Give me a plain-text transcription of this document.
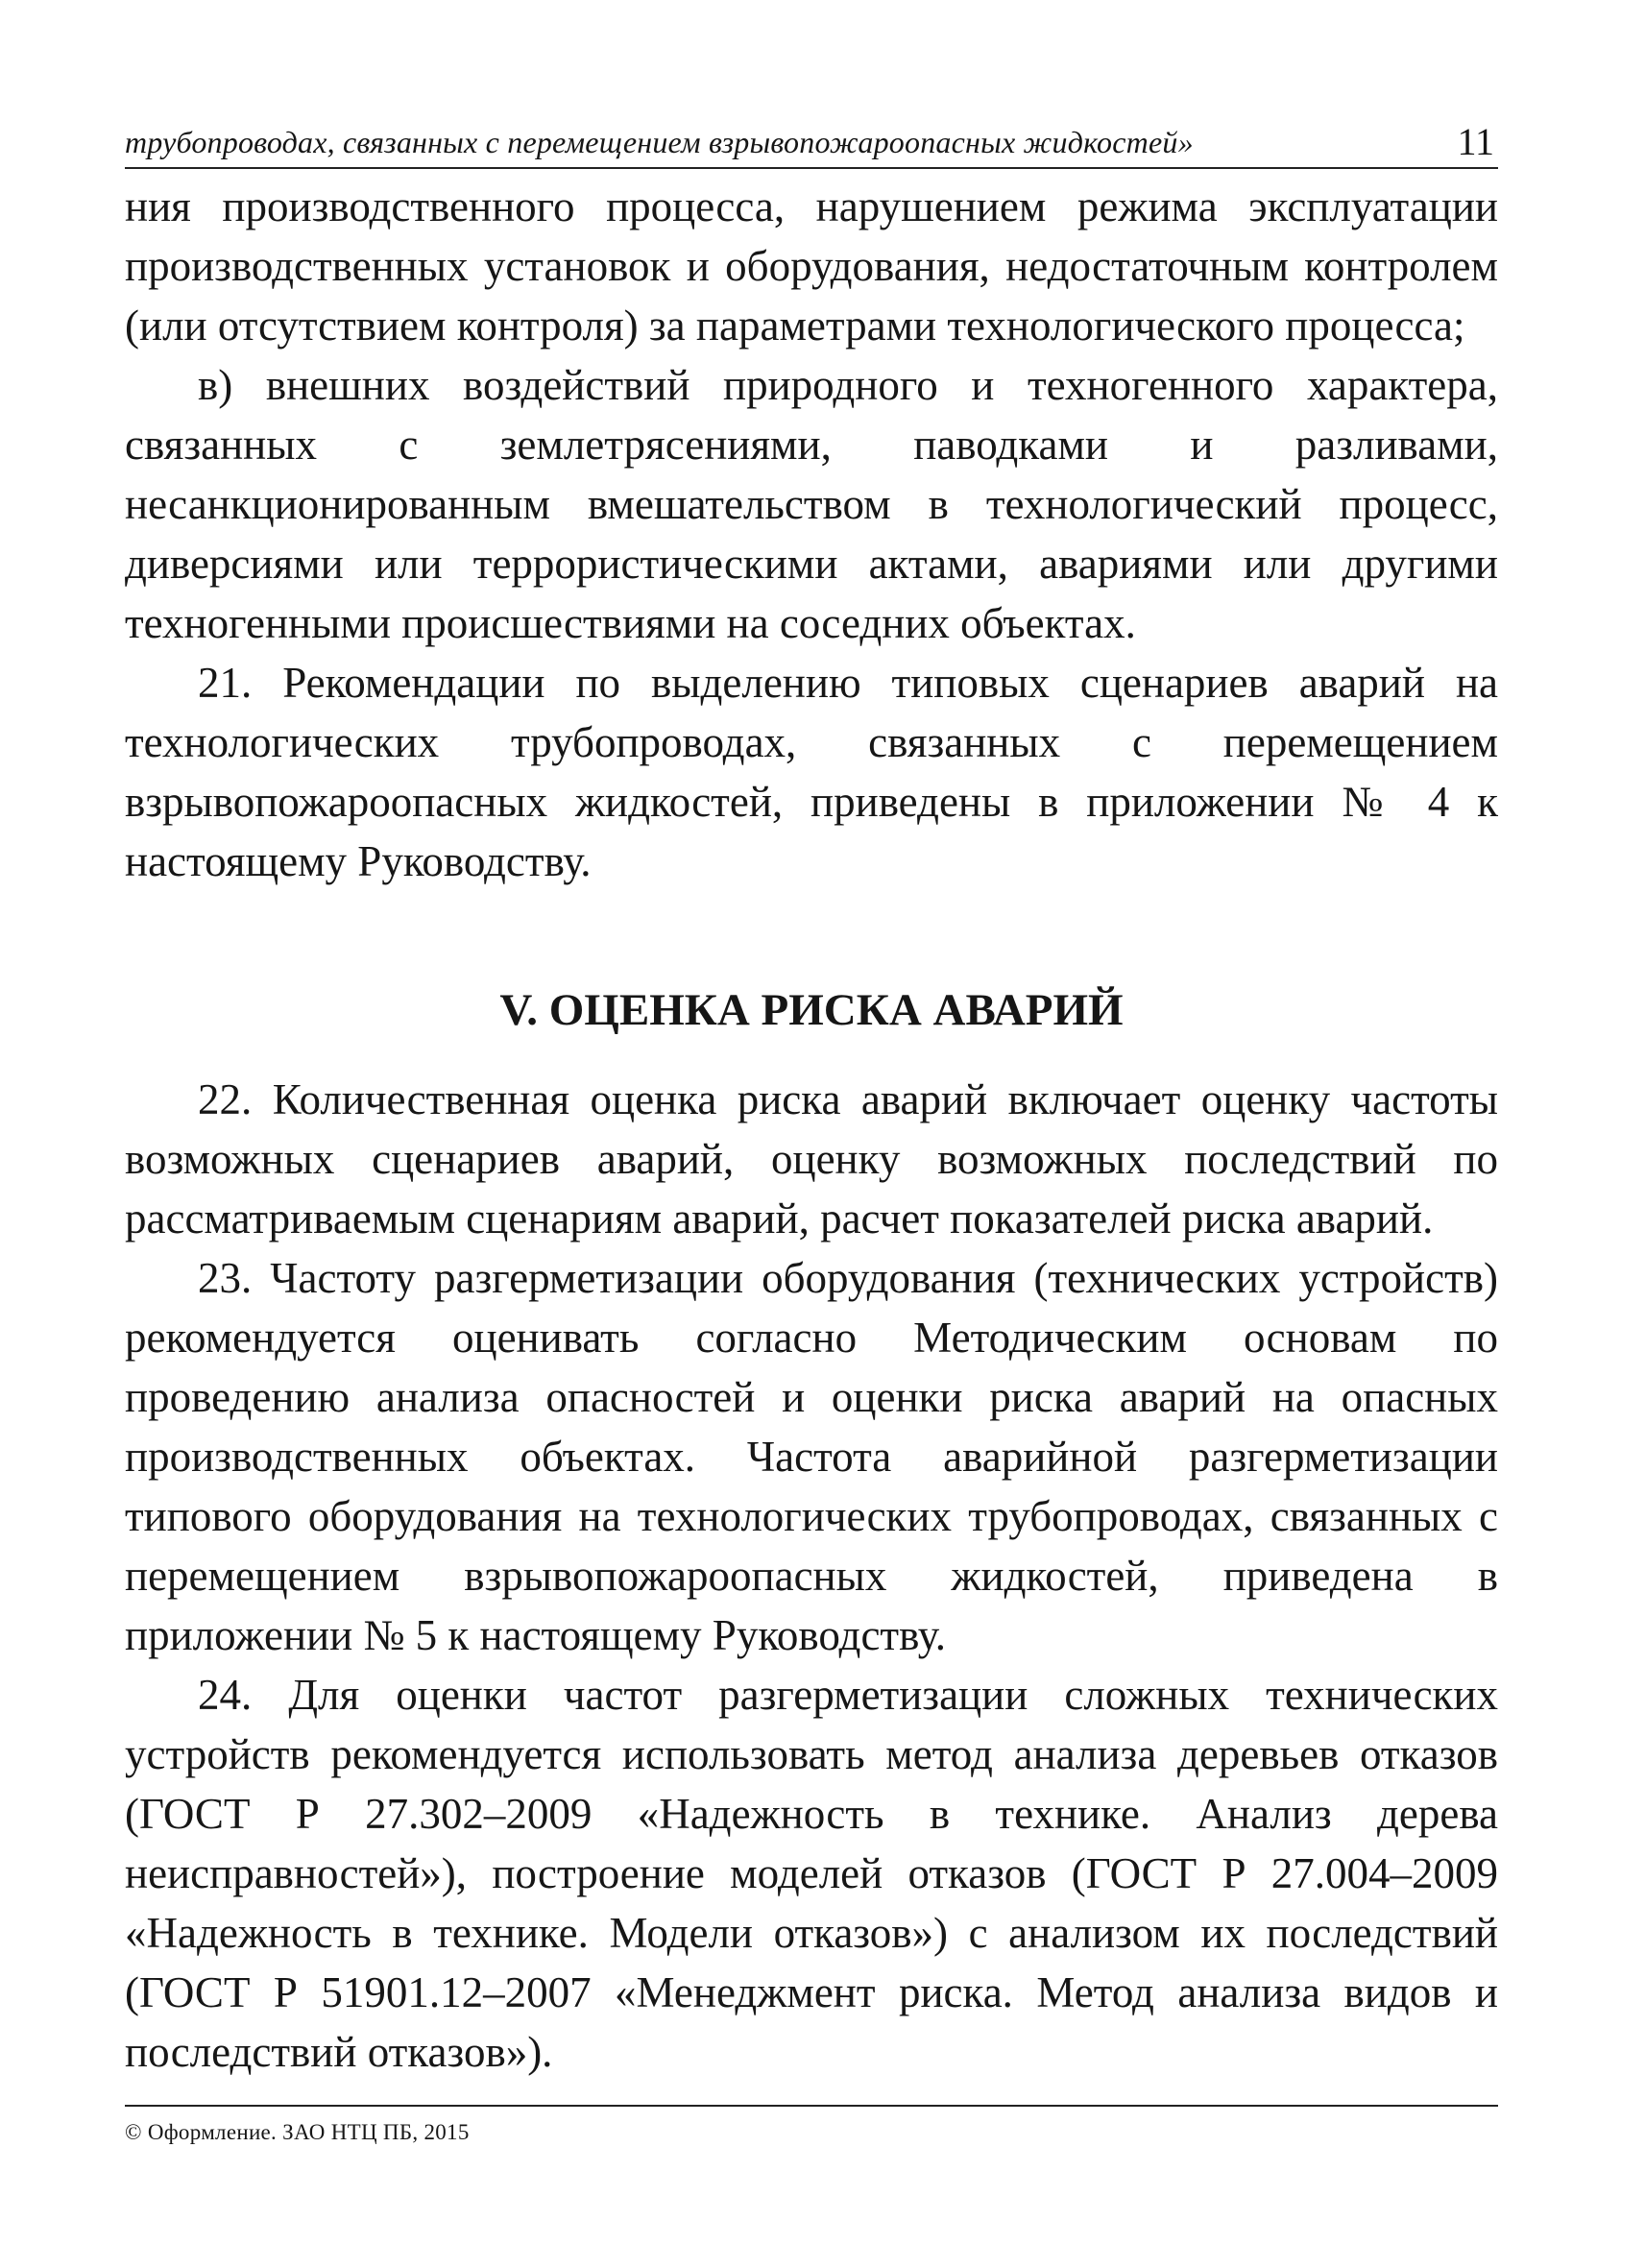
трубопроводах, связанных с перемещением взрывопожароопасных жидкостей»	11

ния производственного процесса, нарушением режима эксплуатации производственных установок и оборудования, недостаточным контролем (или отсутствием контроля) за параметрами технологического процесса;

в) внешних воздействий природного и техногенного характера, связанных с землетрясениями, паводками и разливами, несанкционированным вмешательством в технологический процесс, диверсиями или террористическими актами, авариями или другими техногенными происшествиями на соседних объектах.

21. Рекомендации по выделению типовых сценариев аварий на технологических трубопроводах, связанных с перемещением взрывопожароопасных жидкостей, приведены в приложении № 4 к настоящему Руководству.

V. ОЦЕНКА РИСКА АВАРИЙ

22. Количественная оценка риска аварий включает оценку частоты возможных сценариев аварий, оценку возможных последствий по рассматриваемым сценариям аварий, расчет показателей риска аварий.

23. Частоту разгерметизации оборудования (технических устройств) рекомендуется оценивать согласно Методическим основам по проведению анализа опасностей и оценки риска аварий на опасных производственных объектах. Частота аварийной разгерметизации типового оборудования на технологических трубопроводах, связанных с перемещением взрывопожароопасных жидкостей, приведена в приложении № 5 к настоящему Руководству.

24. Для оценки частот разгерметизации сложных технических устройств рекомендуется использовать метод анализа деревьев отказов (ГОСТ Р 27.302–2009 «Надежность в технике. Анализ дерева неисправностей»), построение моделей отказов (ГОСТ Р 27.004–2009 «Надежность в технике. Модели отказов») с анализом их последствий (ГОСТ Р 51901.12–2007 «Менеджмент риска. Метод анализа видов и последствий отказов»).

© Оформление. ЗАО НТЦ ПБ, 2015
